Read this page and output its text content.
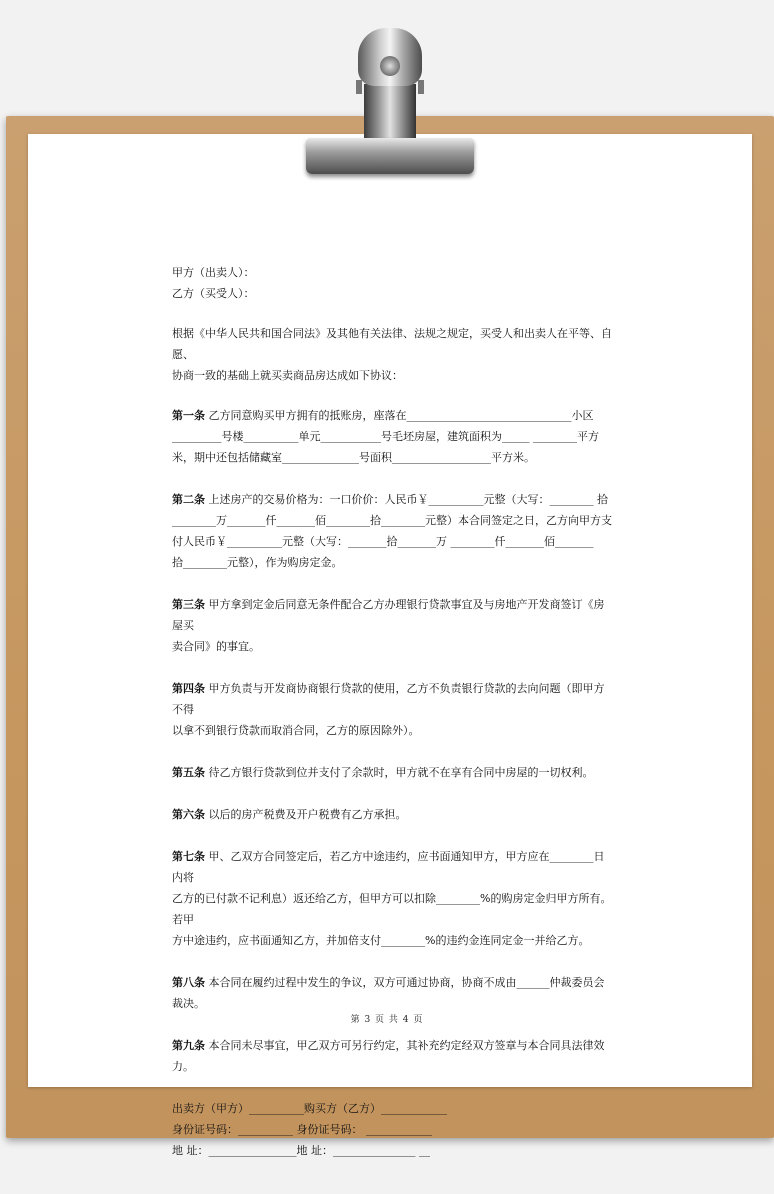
甲方（出卖人）：

乙方（买受人）：

根据《中华人民共和国合同法》及其他有关法律、法规之规定，买受人和出卖人在平等、自愿、

协商一致的基础上就买卖商品房达成如下协议：

第一条 乙方同意购买甲方拥有的抵账房，座落在______________________________小区

_________号楼__________单元___________号毛坯房屋，建筑面积为_____ ________平方

米，期中还包括储藏室______________号面积__________________平方米。

第二条 上述房产的交易价格为：一口价价：人民币￥__________元整（大写：________ 拾

________万_______仟_______佰________拾________元整）本合同签定之日，乙方向甲方支

付人民币￥__________元整（大写：_______拾_______万 ________仟_______佰_______

拾________元整），作为购房定金。

第三条 甲方拿到定金后同意无条件配合乙方办理银行贷款事宜及与房地产开发商签订《房屋买

卖合同》的事宜。

第四条 甲方负责与开发商协商银行贷款的使用，乙方不负责银行贷款的去向问题（即甲方不得

以拿不到银行贷款而取消合同，乙方的原因除外）。

第五条 待乙方银行贷款到位并支付了余款时，甲方就不在享有合同中房屋的一切权利。

第六条 以后的房产税费及开户税费有乙方承担。

第七条 甲、乙双方合同签定后，若乙方中途违约，应书面通知甲方，甲方应在________日内将

乙方的已付款不记利息）返还给乙方，但甲方可以扣除________%的购房定金归甲方所有。若甲

方中途违约，应书面通知乙方，并加倍支付________%的违约金连同定金一并给乙方。

第八条 本合同在履约过程中发生的争议，双方可通过协商，协商不成由______仲裁委员会裁决。

第九条 本合同未尽事宜，甲乙双方可另行约定，其补充约定经双方签章与本合同具法律效力。

出卖方（甲方）__________购买方（乙方）____________

身份证号码：__________ 身份证号码： ____________

地 址：________________地 址：_______________ __

第 3 页 共 4 页
